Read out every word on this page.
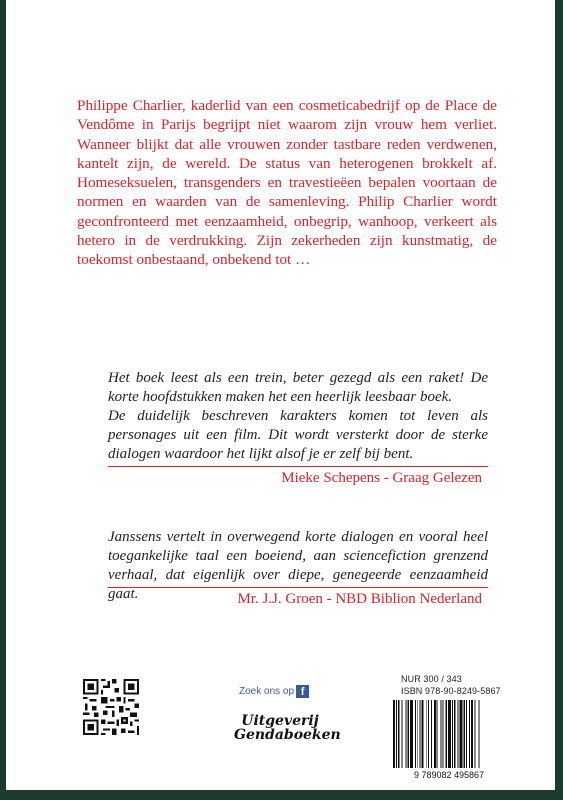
Philippe Charlier, kaderlid van een cosmeticabedrijf op de Place de Vendôme in Parijs begrijpt niet waarom zijn vrouw hem verliet. Wanneer blijkt dat alle vrouwen zonder tastbare reden verdwenen, kantelt zijn, de wereld. De status van heterogenen brokkelt af. Homeseksuelen, transgenders en travestieëen bepalen voortaan de normen en waarden van de samenleving. Philip Charlier wordt geconfronteerd met eenzaamheid, onbegrip, wanhoop, verkeert als hetero in de verdrukking. Zijn zekerheden zijn kunstmatig, de toekomst onbestaand, onbekend tot …

Het boek leest als een trein, beter gezegd als een raket! De korte hoofdstukken maken het een heerlijk leesbaar boek.

De duidelijk beschreven karakters komen tot leven als personages uit een film. Dit wordt versterkt door de sterke dialogen waardoor het lijkt alsof je er zelf bij bent.

Mieke Schepens - Graag Gelezen

Janssens vertelt in overwegend korte dialogen en vooral heel toegankelijke taal een boeiend, aan sciencefiction grenzend verhaal, dat eigenlijk over diepe, genegeerde eenzaamheid gaat.	Mr. J.J. Groen - NBD Biblion Nederland
Zoek ons op f
Uitgeverij
Gendaboeken
NUR 300 / 343
ISBN 978-90-8249-5867
9 789082 495867
